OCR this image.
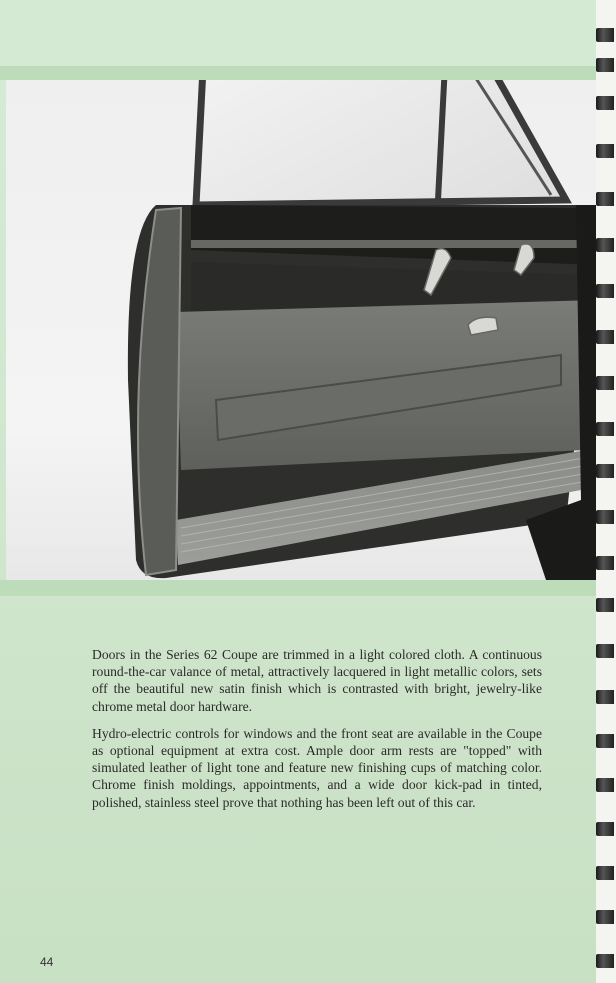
Doors in the Series 62 Coupe are trimmed in a light colored cloth. A continuous round-the-car valance of metal, attractively lacquered in light metallic colors, sets off the beautiful new satin finish which is contrasted with bright, jewelry-like chrome metal door hardware.

Hydro-electric controls for windows and the front seat are available in the Coupe as optional equipment at extra cost. Ample door arm rests are "topped" with simulated leather of light tone and feature new finishing cups of matching color. Chrome finish moldings, appointments, and a wide door kick-pad in tinted, polished, stainless steel prove that nothing has been left out of this car.

44
